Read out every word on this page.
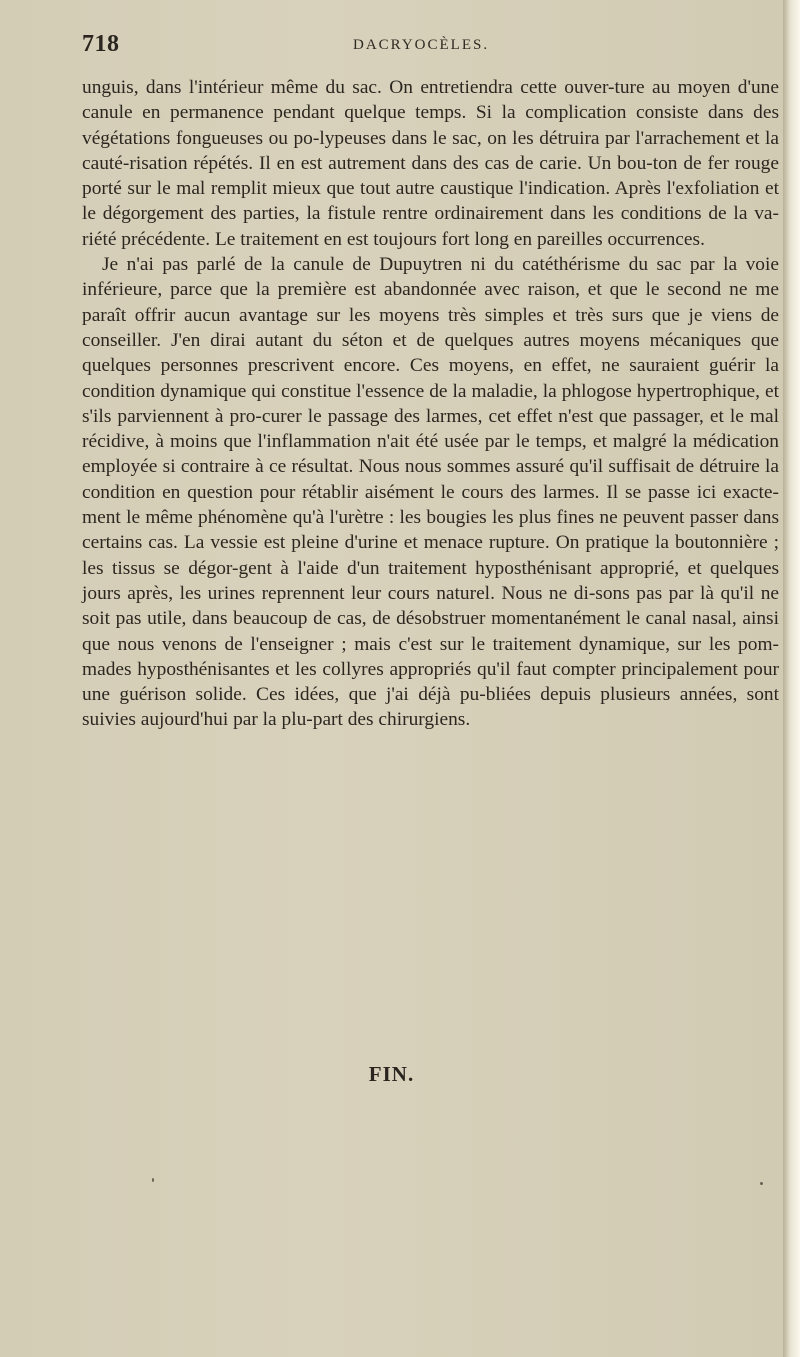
718	DACRYOCÈLES.

unguis, dans l'intérieur même du sac. On entretiendra cette ouver-ture au moyen d'une canule en permanence pendant quelque temps. Si la complication consiste dans des végétations fongueuses ou po-lypeuses dans le sac, on les détruira par l'arrachement et la cauté-risation répétés. Il en est autrement dans des cas de carie. Un bou-ton de fer rouge porté sur le mal remplit mieux que tout autre caustique l'indication. Après l'exfoliation et le dégorgement des parties, la fistule rentre ordinairement dans les conditions de la va-riété précédente. Le traitement en est toujours fort long en pareilles occurrences.

Je n'ai pas parlé de la canule de Dupuytren ni du catéthérisme du sac par la voie inférieure, parce que la première est abandonnée avec raison, et que le second ne me paraît offrir aucun avantage sur les moyens très simples et très surs que je viens de conseiller. J'en dirai autant du séton et de quelques autres moyens mécaniques que quelques personnes prescrivent encore. Ces moyens, en effet, ne sauraient guérir la condition dynamique qui constitue l'essence de la maladie, la phlogose hypertrophique, et s'ils parviennent à pro-curer le passage des larmes, cet effet n'est que passager, et le mal récidive, à moins que l'inflammation n'ait été usée par le temps, et malgré la médication employée si contraire à ce résultat. Nous nous sommes assuré qu'il suffisait de détruire la condition en question pour rétablir aisément le cours des larmes. Il se passe ici exacte-ment le même phénomène qu'à l'urètre : les bougies les plus fines ne peuvent passer dans certains cas. La vessie est pleine d'urine et menace rupture. On pratique la boutonnière ; les tissus se dégor-gent à l'aide d'un traitement hyposthénisant approprié, et quelques jours après, les urines reprennent leur cours naturel. Nous ne di-sons pas par là qu'il ne soit pas utile, dans beaucoup de cas, de désobstruer momentanément le canal nasal, ainsi que nous venons de l'enseigner ; mais c'est sur le traitement dynamique, sur les pom-mades hyposthénisantes et les collyres appropriés qu'il faut compter principalement pour une guérison solide. Ces idées, que j'ai déjà pu-bliées depuis plusieurs années, sont suivies aujourd'hui par la plu-part des chirurgiens.

FIN.
